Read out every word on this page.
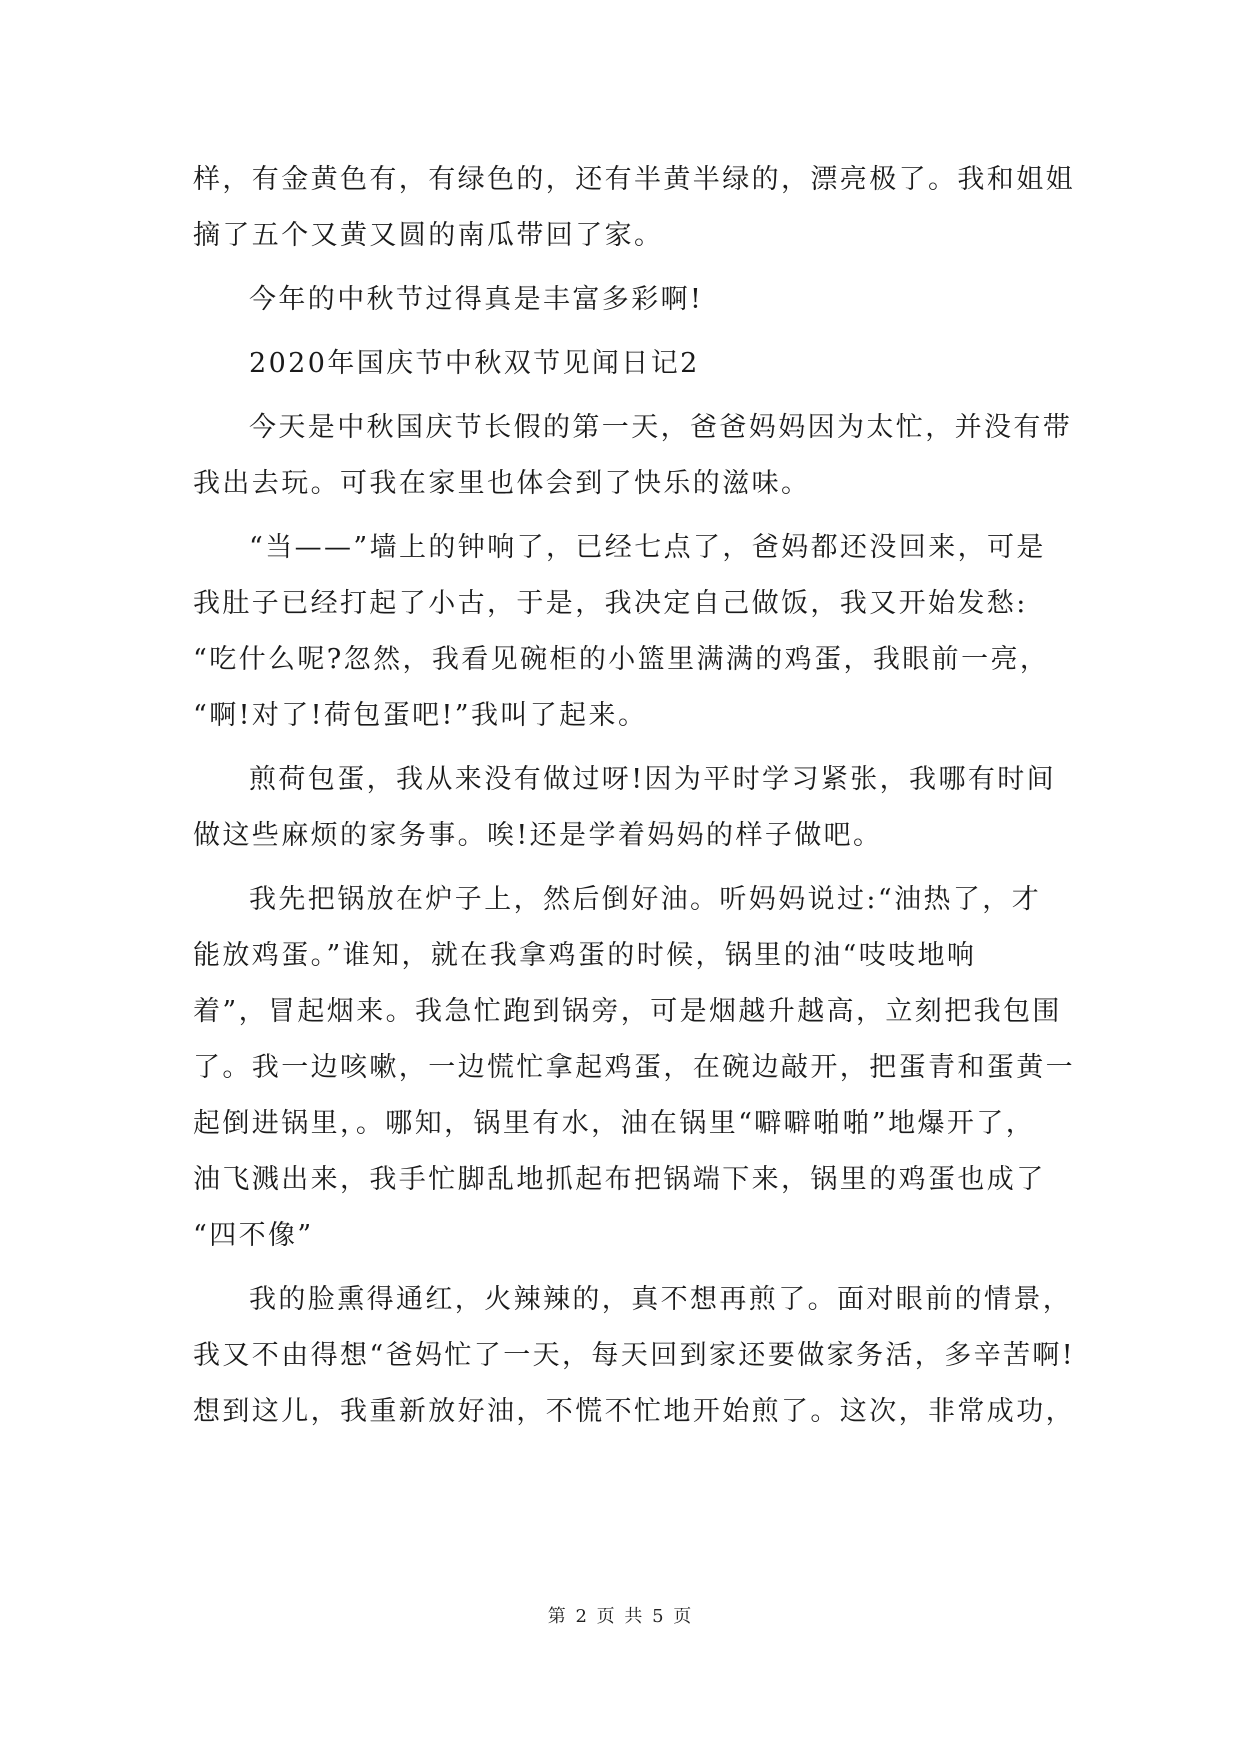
样，有金黄色有，有绿色的，还有半黄半绿的，漂亮极了。我和姐姐
摘了五个又黄又圆的南瓜带回了家。
今年的中秋节过得真是丰富多彩啊!
2020年国庆节中秋双节见闻日记2
今天是中秋国庆节长假的第一天，爸爸妈妈因为太忙，并没有带
我出去玩。可我在家里也体会到了快乐的滋味。
“当——”墙上的钟响了，已经七点了，爸妈都还没回来，可是
我肚子已经打起了小古，于是，我决定自己做饭，我又开始发愁:
“吃什么呢?忽然，我看见碗柜的小篮里满满的鸡蛋，我眼前一亮，
“啊!对了!荷包蛋吧!”我叫了起来。
煎荷包蛋，我从来没有做过呀!因为平时学习紧张，我哪有时间
做这些麻烦的家务事。唉!还是学着妈妈的样子做吧。
我先把锅放在炉子上，然后倒好油。听妈妈说过:“油热了，才
能放鸡蛋。”谁知，就在我拿鸡蛋的时候，锅里的油“吱吱地响
着”，冒起烟来。我急忙跑到锅旁，可是烟越升越高，立刻把我包围
了。我一边咳嗽，一边慌忙拿起鸡蛋，在碗边敲开，把蛋青和蛋黄一
起倒进锅里，。哪知，锅里有水，油在锅里“噼噼啪啪”地爆开了，
油飞溅出来，我手忙脚乱地抓起布把锅端下来，锅里的鸡蛋也成了
“四不像”
我的脸熏得通红，火辣辣的，真不想再煎了。面对眼前的情景，
我又不由得想“爸妈忙了一天，每天回到家还要做家务活，多辛苦啊!
想到这儿，我重新放好油，不慌不忙地开始煎了。这次，非常成功，
第 2 页 共 5 页
